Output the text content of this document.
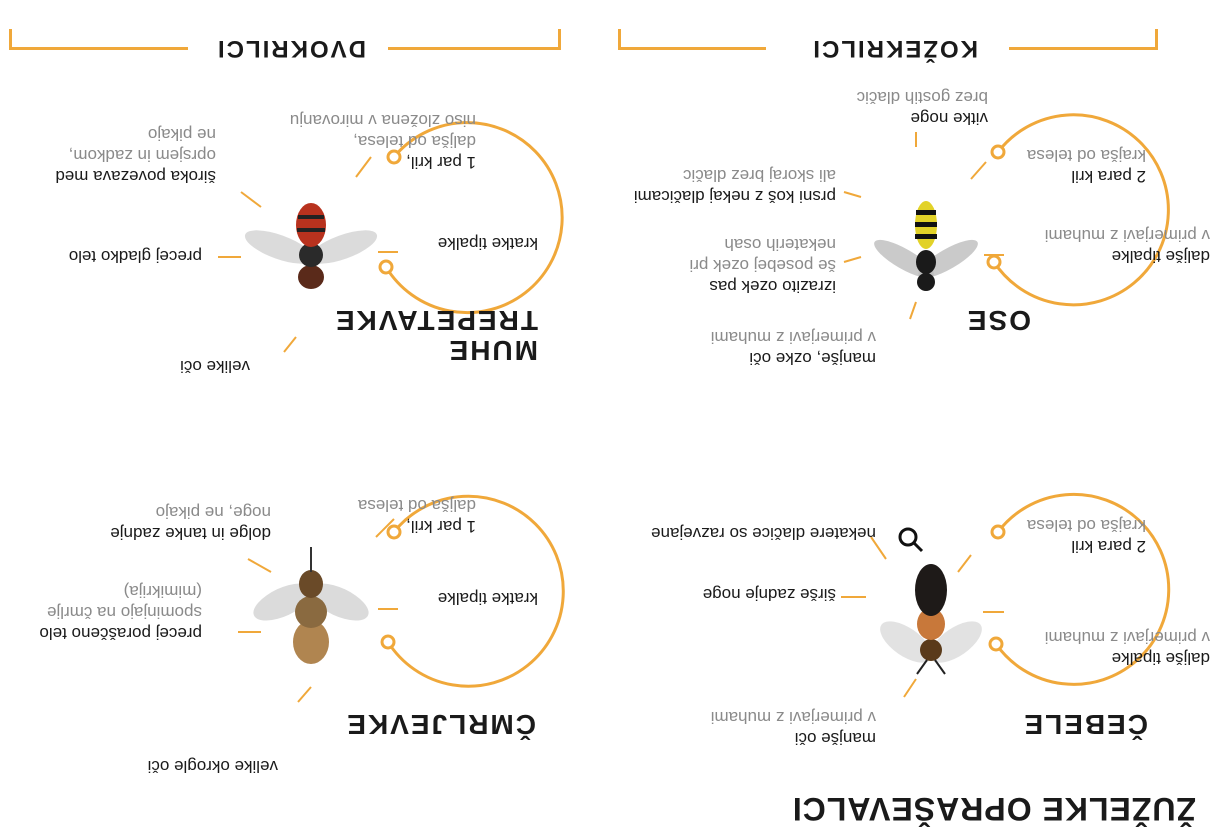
ŽUŽELKE OPRAŠEVALCI
KOŽEKRILCI
DVOKRILCI
ČEBELE
manjše oči
v primerjavi z muhami
daljše tipalke
v primerjavi z muhami
2 para kril
krajša od telesa
širše zadnje noge
nekatere dlačice so razvejane
ČMRLJEVKE
velike okrogle oči
kratke tipalke
1 par kril,
daljša od telesa
precej poraščeno telo
spominjajo na čmrlje
(mimikrija)
dolge in tanke zadnje
noge, ne pikajo
OSE
manjše, ozke oči
v primerjavi z muhami
izrazito ozek pas
še posebej ozek pri
nekaterih osah
daljše tipalke
v primerjavi z muhami
2 para kril
krajša od telesa
prsni koš z nekaj dlačicami
ali skoraj brez dlačic
vitke noge
brez gostih dlačic
MUHE
TREPETAVKE
velike oči
precej gladko telo
kratke tipalke
1 par kril,
daljša od telesa,
niso zložena v mirovanju
široka povezava med
oprsjem in zadkom,
ne pikajo
